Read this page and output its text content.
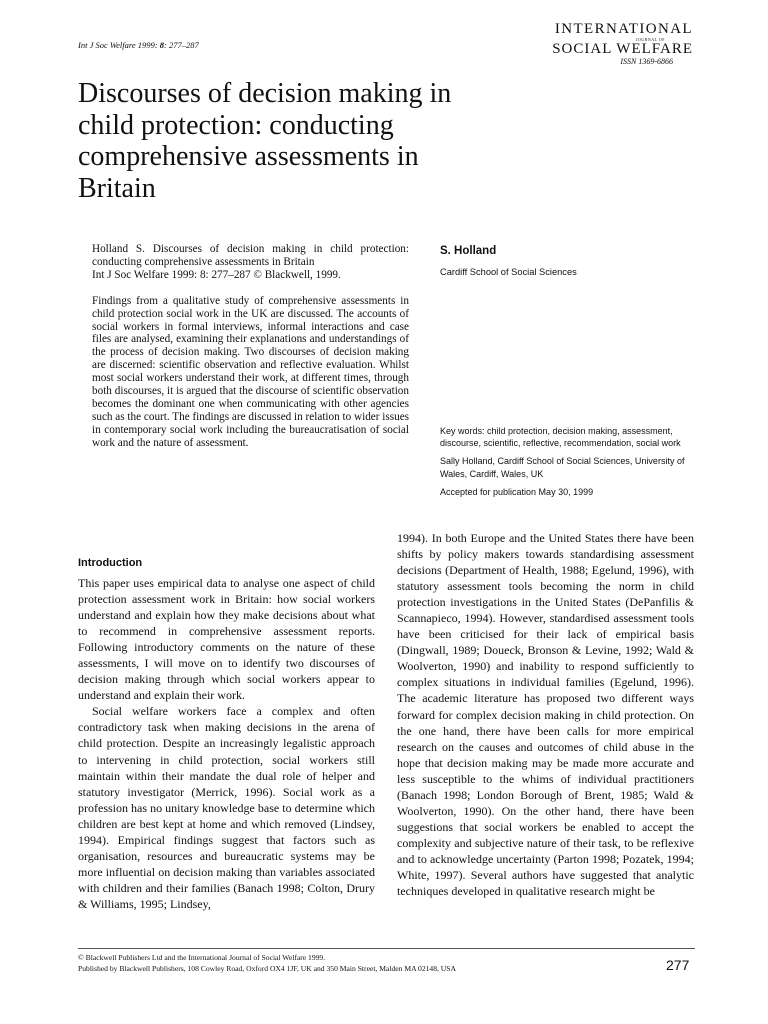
Int J Soc Welfare 1999: 8: 277–287
INTERNATIONAL
JOURNAL OF
SOCIAL WELFARE
ISSN 1369-6866
Discourses of decision making in
child protection: conducting
comprehensive assessments in
Britain

Holland S. Discourses of decision making in child protection: conducting comprehensive assessments in Britain

Int J Soc Welfare 1999: 8: 277–287 © Blackwell, 1999.

Findings from a qualitative study of comprehensive assessments in child protection social work in the UK are discussed. The accounts of social workers in formal interviews, informal interactions and case files are analysed, examining their explanations and understandings of the process of decision making. Two discourses of decision making are discerned: scientific observation and reflective evaluation. Whilst most social workers understand their work, at different times, through both discourses, it is argued that the discourse of scientific observation becomes the dominant one when communicating with other agencies such as the court. The findings are discussed in relation to wider issues in contemporary social work including the bureaucratisation of social work and the nature of assessment.

S. Holland
Cardiff School of Social Sciences

Key words: child protection, decision making, assessment, discourse, scientific, reflective, recommendation, social work

Sally Holland, Cardiff School of Social Sciences, University of Wales, Cardiff, Wales, UK

Accepted for publication May 30, 1999

Introduction

This paper uses empirical data to analyse one aspect of child protection assessment work in Britain: how social workers understand and explain how they make decisions about what to recommend in comprehensive assessment reports. Following introductory comments on the nature of these assessments, I will move on to identify two discourses of decision making through which social workers appear to understand and explain their work.

Social welfare workers face a complex and often contradictory task when making decisions in the arena of child protection. Despite an increasingly legalistic approach to intervening in child protection, social workers still maintain within their mandate the dual role of helper and statutory investigator (Merrick, 1996). Social work as a profession has no unitary knowledge base to determine which children are best kept at home and which removed (Lindsey, 1994). Empirical findings suggest that factors such as organisation, resources and bureaucratic systems may be more influential on decision making than variables associated with children and their families (Banach 1998; Colton, Drury & Williams, 1995; Lindsey,

1994). In both Europe and the United States there have been shifts by policy makers towards standardising assessment decisions (Department of Health, 1988; Egelund, 1996), with statutory assessment tools becoming the norm in child protection investigations in the United States (DePanfilis & Scannapieco, 1994). However, standardised assessment tools have been criticised for their lack of empirical basis (Dingwall, 1989; Doueck, Bronson & Levine, 1992; Wald & Woolverton, 1990) and inability to respond sufficiently to complex situations in individual families (Egelund, 1996). The academic literature has proposed two different ways forward for complex decision making in child protection. On the one hand, there have been calls for more empirical research on the causes and outcomes of child abuse in the hope that decision making may be made more accurate and less susceptible to the whims of individual practitioners (Banach 1998; London Borough of Brent, 1985; Wald & Woolverton, 1990). On the other hand, there have been suggestions that social workers be enabled to accept the complexity and subjective nature of their task, to be reflexive and to acknowledge uncertainty (Parton 1998; Pozatek, 1994; White, 1997). Several authors have suggested that analytic techniques developed in qualitative research might be

© Blackwell Publishers Ltd and the International Journal of Social Welfare 1999.
Published by Blackwell Publishers, 108 Cowley Road, Oxford OX4 1JF, UK and 350 Main Street, Malden MA 02148, USA	277
